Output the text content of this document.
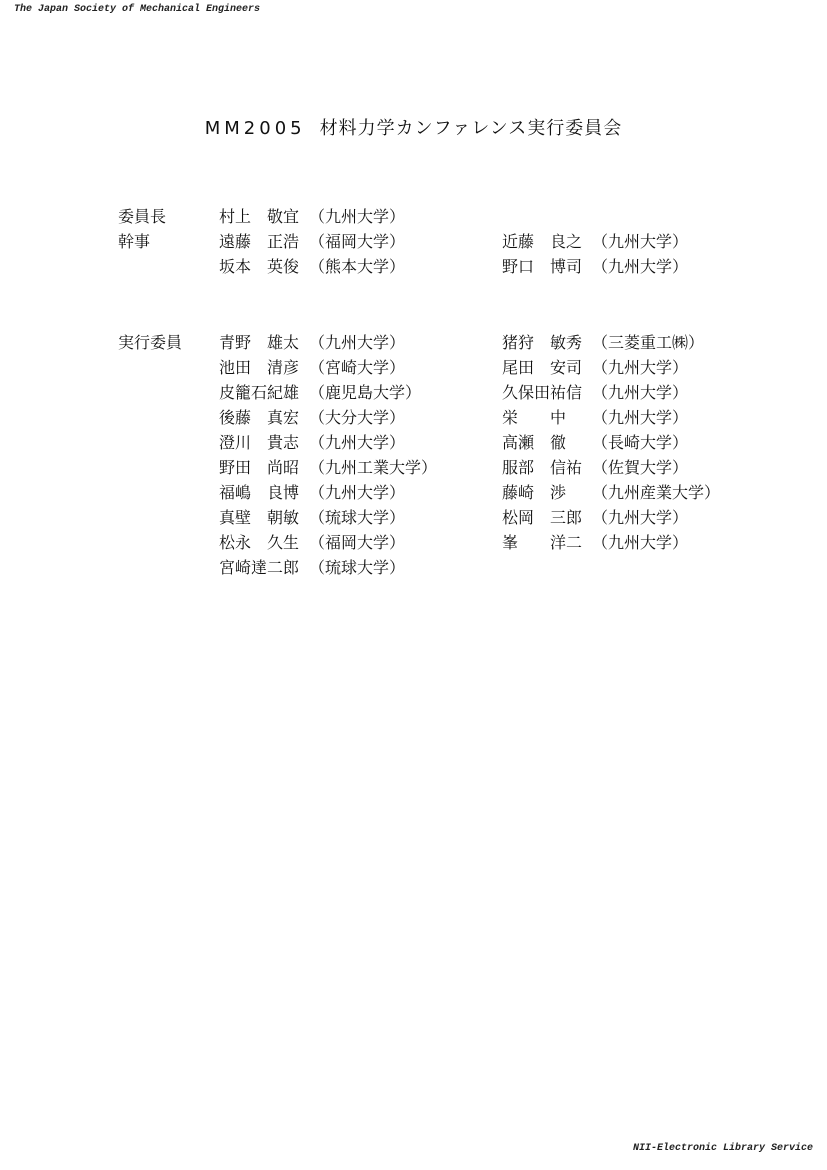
The Japan Society of Mechanical Engineers
MM2005 材料力学カンファレンス実行委員会
委員長
幹事
実行委員
村上　敬宜 （九州大学）
遠藤　正浩 （福岡大学）	近藤　良之 （九州大学）
坂本　英俊 （熊本大学）	野口　博司 （九州大学）
青野　雄太 （九州大学）
池田　清彦 （宮崎大学）
皮籠石紀雄 （鹿児島大学）
後藤　真宏 （大分大学）
澄川　貴志 （九州大学）
野田　尚昭 （九州工業大学）
福嶋　良博 （九州大学）
真壁　朝敏 （琉球大学）
松永　久生 （福岡大学）
宮崎達二郎 （琉球大学）
猪狩　敏秀 （三菱重工㈱）
尾田　安司 （九州大学）
久保田祐信 （九州大学）
栄　　中 （九州大学）
高瀬　徹 （長崎大学）
服部　信祐 （佐賀大学）
藤崎　渉 （九州産業大学）
松岡　三郎 （九州大学）
峯　　洋二 （九州大学）
NII-Electronic Library Service
